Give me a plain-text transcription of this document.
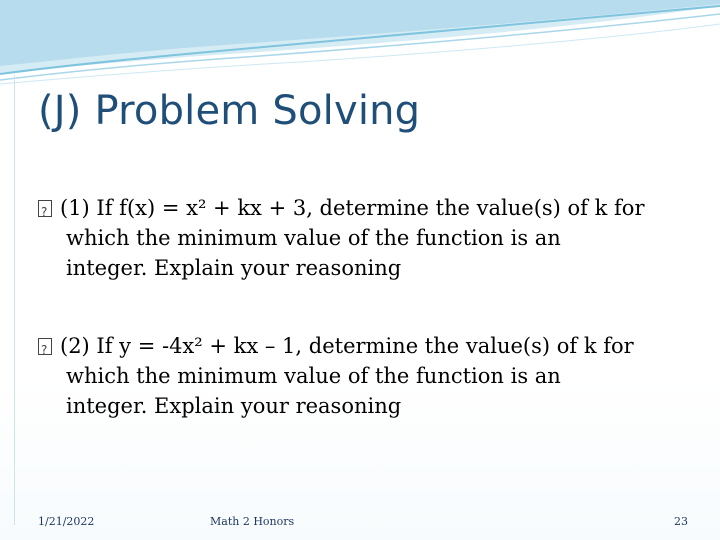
(J) Problem Solving
?(1) If f(x) = x² + kx + 3, determine the value(s) of k for
which the minimum value of the function is an
integer. Explain your reasoning
?(2) If y = -4x² + kx – 1, determine the value(s) of k for
which the minimum value of the function is an
integer. Explain your reasoning
1/21/2022	Math 2 Honors	23
